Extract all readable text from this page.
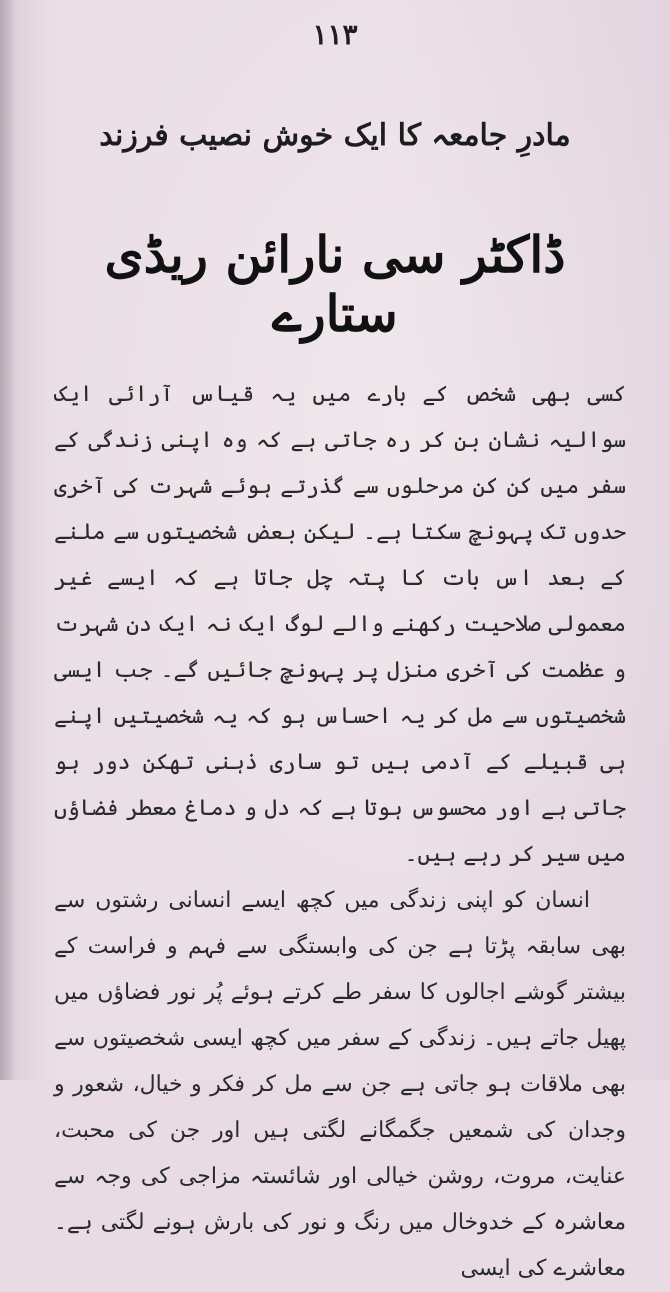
۱۱۳
مادرِ جامعہ کا ایک خوش نصیب فرزند
ڈاکٹر سی نارائن ریڈی ستارے

کسی بھی شخص کے بارے میں یہ قیاس آرائی ایک سوالیہ نشان بن کر رہ جاتی ہے کہ وہ اپنی زندگی کے سفر میں کن کن مرحلوں سے گذرتے ہوئے شہرت کی آخری حدوں تک پہونچ سکتا ہے۔ لیکن بعض شخصیتوں سے ملنے کے بعد اس بات کا پتہ چل جاتا ہے کہ ایسے غیر معمولی صلاحیت رکھنے والے لوگ ایک نہ ایک دن شہرت و عظمت کی آخری منزل پر پہونچ جائیں گے۔ جب ایسی شخصیتوں سے مل کر یہ احساس ہو کہ یہ شخصیتیں اپنے ہی قبیلے کے آدمی ہیں تو ساری ذہنی تھکن دور ہو جاتی ہے اور محسوس ہوتا ہے کہ دل و دماغ معطر فضاؤں میں سیر کر رہے ہیں۔

انسان کو اپنی زندگی میں کچھ ایسے انسانی رشتوں سے بھی سابقہ پڑتا ہے جن کی وابستگی سے فہم و فراست کے بیشتر گوشے اجالوں کا سفر طے کرتے ہوئے پُر نور فضاؤں میں پھیل جاتے ہیں۔ زندگی کے سفر میں کچھ ایسی شخصیتوں سے بھی ملاقات ہو جاتی ہے جن سے مل کر فکر و خیال، شعور و وجدان کی شمعیں جگمگانے لگتی ہیں اور جن کی محبت، عنایت، مروت، روشن خیالی اور شائستہ مزاجی کی وجہ سے معاشرہ کے خدوخال میں رنگ و نور کی بارش ہونے لگتی ہے۔ معاشرے کی ایسی
